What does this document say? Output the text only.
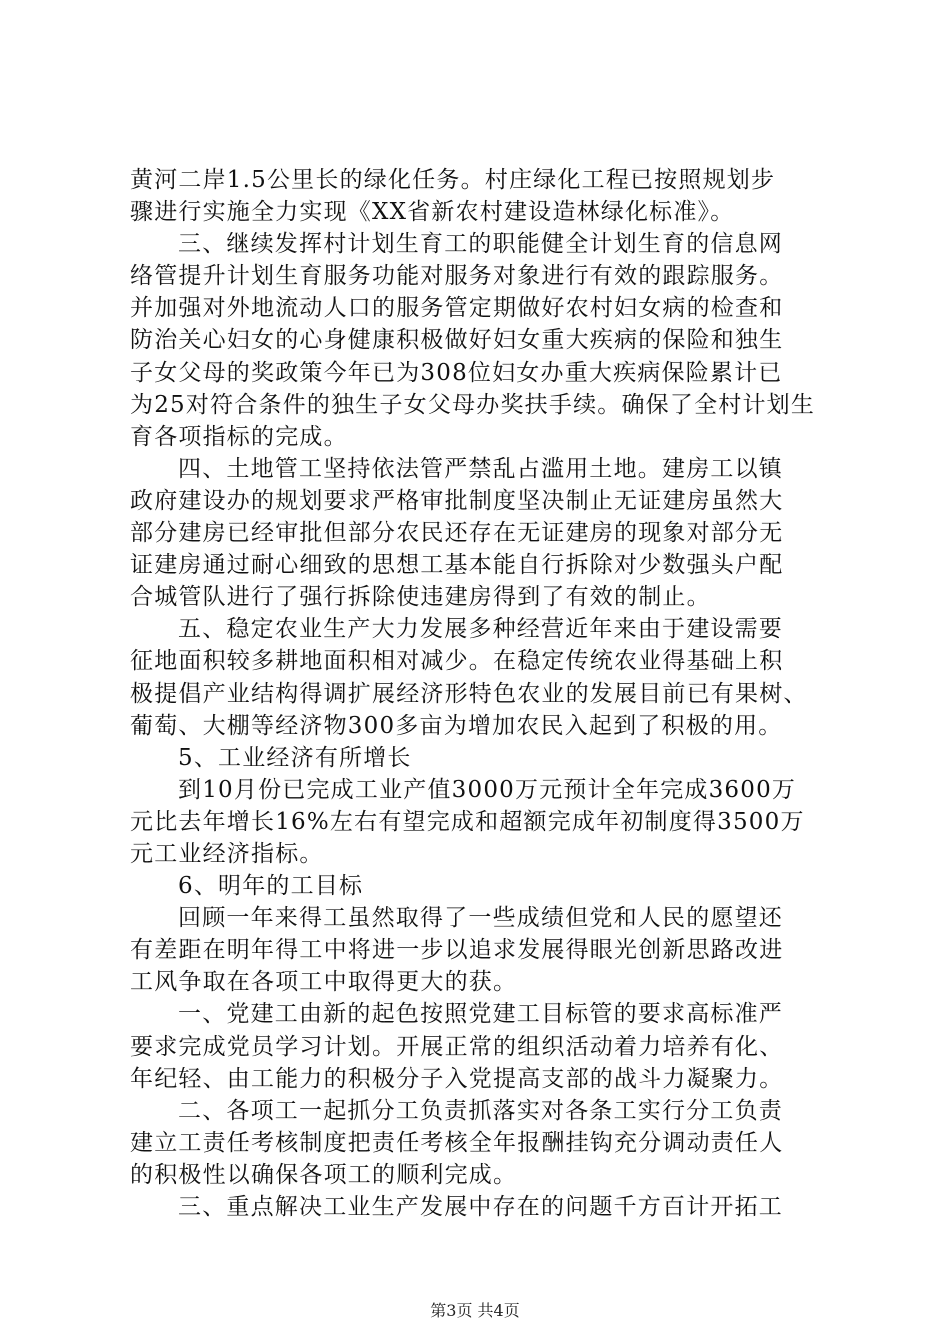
黄河二岸1.5公里长的绿化任务。村庄绿化工程已按照规划步
骤进行实施全力实现《XX省新农村建设造林绿化标准》。
三、继续发挥村计划生育工的职能健全计划生育的信息网
络管提升计划生育服务功能对服务对象进行有效的跟踪服务。
并加强对外地流动人口的服务管定期做好农村妇女病的检查和
防治关心妇女的心身健康积极做好妇女重大疾病的保险和独生
子女父母的奖政策今年已为308位妇女办重大疾病保险累计已
为25对符合条件的独生子女父母办奖扶手续。确保了全村计划生
育各项指标的完成。
四、土地管工坚持依法管严禁乱占滥用土地。建房工以镇
政府建设办的规划要求严格审批制度坚决制止无证建房虽然大
部分建房已经审批但部分农民还存在无证建房的现象对部分无
证建房通过耐心细致的思想工基本能自行拆除对少数强头户配
合城管队进行了强行拆除使违建房得到了有效的制止。
五、稳定农业生产大力发展多种经营近年来由于建设需要
征地面积较多耕地面积相对减少。在稳定传统农业得基础上积
极提倡产业结构得调扩展经济形特色农业的发展目前已有果树、
葡萄、大棚等经济物300多亩为增加农民入起到了积极的用。
5、工业经济有所增长
到10月份已完成工业产值3000万元预计全年完成3600万
元比去年增长16%左右有望完成和超额完成年初制度得3500万
元工业经济指标。
6、明年的工目标
回顾一年来得工虽然取得了一些成绩但党和人民的愿望还
有差距在明年得工中将进一步以追求发展得眼光创新思路改进
工风争取在各项工中取得更大的获。
一、党建工由新的起色按照党建工目标管的要求高标准严
要求完成党员学习计划。开展正常的组织活动着力培养有化、
年纪轻、由工能力的积极分子入党提高支部的战斗力凝聚力。
二、各项工一起抓分工负责抓落实对各条工实行分工负责
建立工责任考核制度把责任考核全年报酬挂钩充分调动责任人
的积极性以确保各项工的顺利完成。
三、重点解决工业生产发展中存在的问题千方百计开拓工
第3页 共4页
